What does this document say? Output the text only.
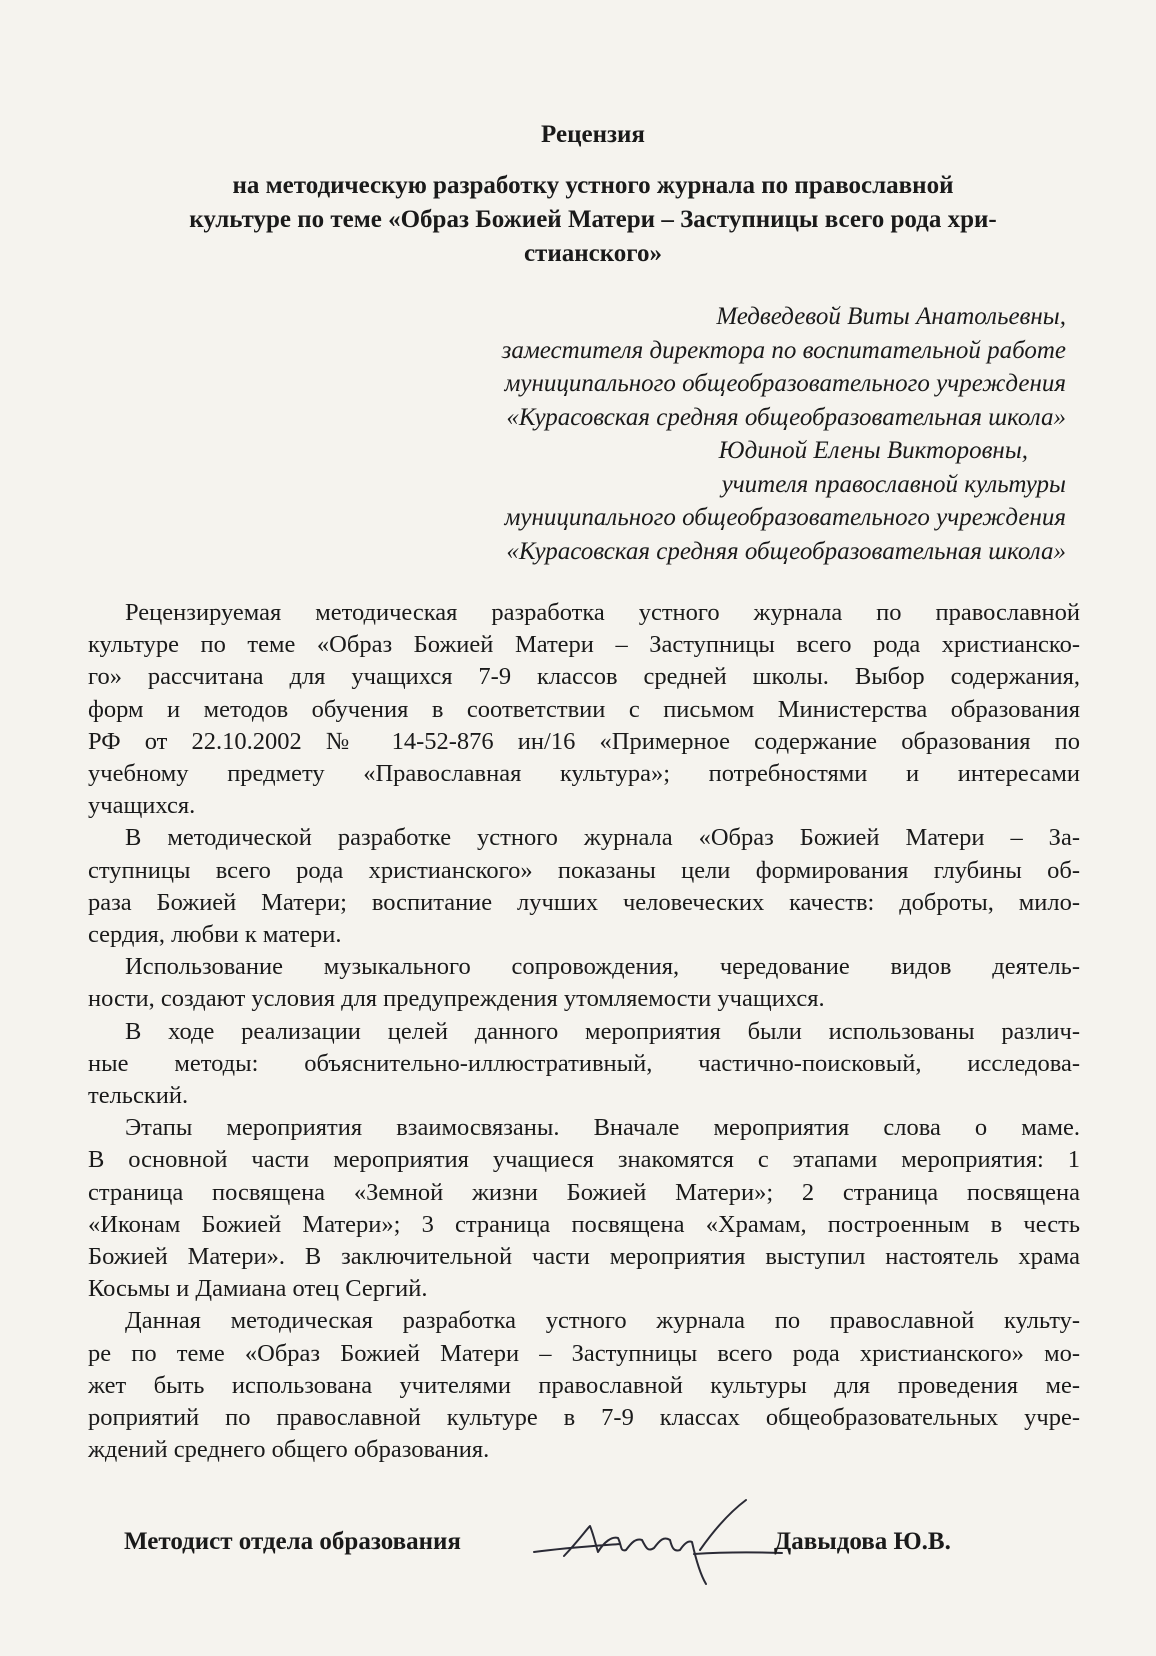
Рецензия
на методическую разработку устного журнала по православной
культуре по теме «Образ Божией Матери – Заступницы всего рода хри-
стианского»
Медведевой Виты Анатольевны,
заместителя директора по воспитательной работе
муниципального общеобразовательного учреждения
«Курасовская средняя общеобразовательная школа»
Юдиной Елены Викторовны,
учителя православной культуры
муниципального общеобразовательного учреждения
«Курасовская средняя общеобразовательная школа»
Рецензируемая методическая разработка устного журнала по православной
культуре по теме «Образ Божией Матери – Заступницы всего рода христианско-
го» рассчитана для учащихся 7-9 классов средней школы. Выбор содержания,
форм и методов обучения в соответствии с письмом Министерства образования
РФ от 22.10.2002 № 14-52-876 ин/16 «Примерное содержание образования по
учебному предмету «Православная культура»; потребностями и интересами
учащихся.
В методической разработке устного журнала «Образ Божией Матери – За-
ступницы всего рода христианского» показаны цели формирования глубины об-
раза Божией Матери; воспитание лучших человеческих качеств: доброты, мило-
сердия, любви к матери.
Использование музыкального сопровождения, чередование видов деятель-
ности, создают условия для предупреждения утомляемости учащихся.
В ходе реализации целей данного мероприятия были использованы различ-
ные методы: объяснительно-иллюстративный, частично-поисковый, исследова-
тельский.
Этапы мероприятия взаимосвязаны. Вначале мероприятия слова о маме.
В основной части мероприятия учащиеся знакомятся с этапами мероприятия: 1
страница посвящена «Земной жизни Божией Матери»; 2 страница посвящена
«Иконам Божией Матери»; 3 страница посвящена «Храмам, построенным в честь
Божией Матери». В заключительной части мероприятия выступил настоятель храма
Косьмы и Дамиана отец Сергий.
Данная методическая разработка устного журнала по православной культу-
ре по теме «Образ Божией Матери – Заступницы всего рода христианского» мо-
жет быть использована учителями православной культуры для проведения ме-
роприятий по православной культуре в 7-9 классах общеобразовательных учре-
ждений среднего общего образования.
Методист отдела образования	Давыдова Ю.В.
